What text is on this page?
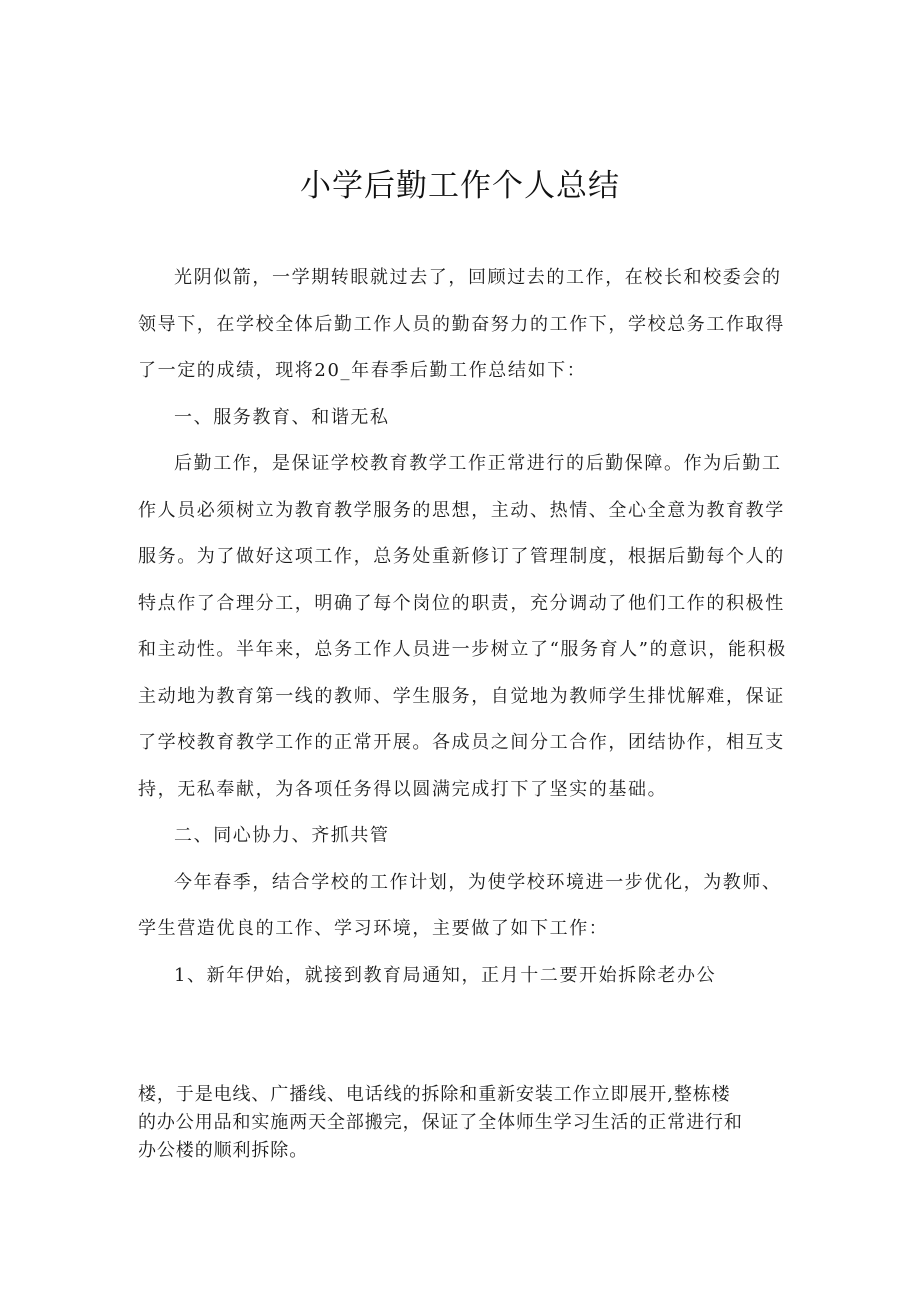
小学后勤工作个人总结

光阴似箭，一学期转眼就过去了，回顾过去的工作，在校长和校委会的领导下，在学校全体后勤工作人员的勤奋努力的工作下，学校总务工作取得了一定的成绩，现将20_年春季后勤工作总结如下：

一、服务教育、和谐无私

后勤工作，是保证学校教育教学工作正常进行的后勤保障。作为后勤工作人员必须树立为教育教学服务的思想，主动、热情、全心全意为教育教学服务。为了做好这项工作，总务处重新修订了管理制度，根据后勤每个人的特点作了合理分工，明确了每个岗位的职责，充分调动了他们工作的积极性和主动性。半年来，总务工作人员进一步树立了“服务育人”的意识，能积极主动地为教育第一线的教师、学生服务，自觉地为教师学生排忧解难，保证了学校教育教学工作的正常开展。各成员之间分工合作，团结协作，相互支持，无私奉献，为各项任务得以圆满完成打下了坚实的基础。

二、同心协力、齐抓共管

今年春季，结合学校的工作计划，为使学校环境进一步优化，为教师、学生营造优良的工作、学习环境，主要做了如下工作：

1、新年伊始，就接到教育局通知，正月十二要开始拆除老办公

楼，于是电线、广播线、电话线的拆除和重新安装工作立即展开,整栋楼

的办公用品和实施两天全部搬完，保证了全体师生学习生活的正常进行和

办公楼的顺利拆除。
